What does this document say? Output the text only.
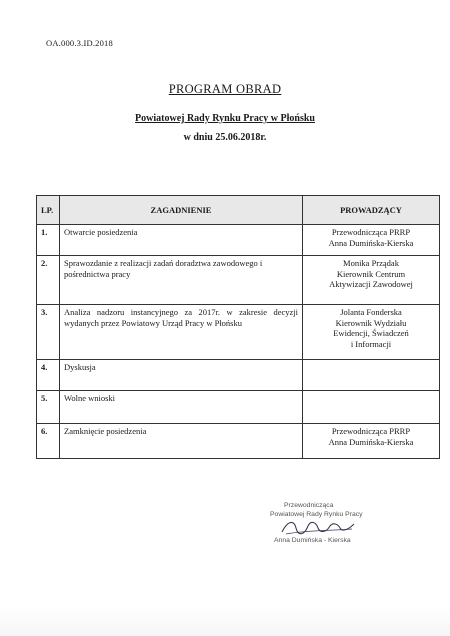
OA.000.3.ID.2018
PROGRAM OBRAD
Powiatowej Rady Rynku Pracy w Płońsku
w dniu 25.06.2018r.
LP.	ZAGADNIENIE	PROWADZĄCY
1.	Otwarcie posiedzenia	Przewodnicząca PRRP
Anna Dumińska-Kierska

2.	Sprawozdanie z realizacji zadań doradztwa zawodowego i pośrednictwa pracy	Monika Prządak
Kierownik Centrum
Aktywizacji Zawodowej

3.	Analiza nadzoru instancyjnego za 2017r. w zakresie decyzji wydanych przez Powiatowy Urząd Pracy w Płońsku	Jolanta Fonderska
Kierownik Wydziału
Ewidencji, Świadczeń
i Informacji

4.	Dyskusja	
5.	Wolne wnioski	
6.	Zamknięcie posiedzenia	Przewodnicząca PRRP
Anna Dumińska-Kierska
Przewodnicząca
Powiatowej Rady Rynku Pracy
Anna Dumińska - Kierska
